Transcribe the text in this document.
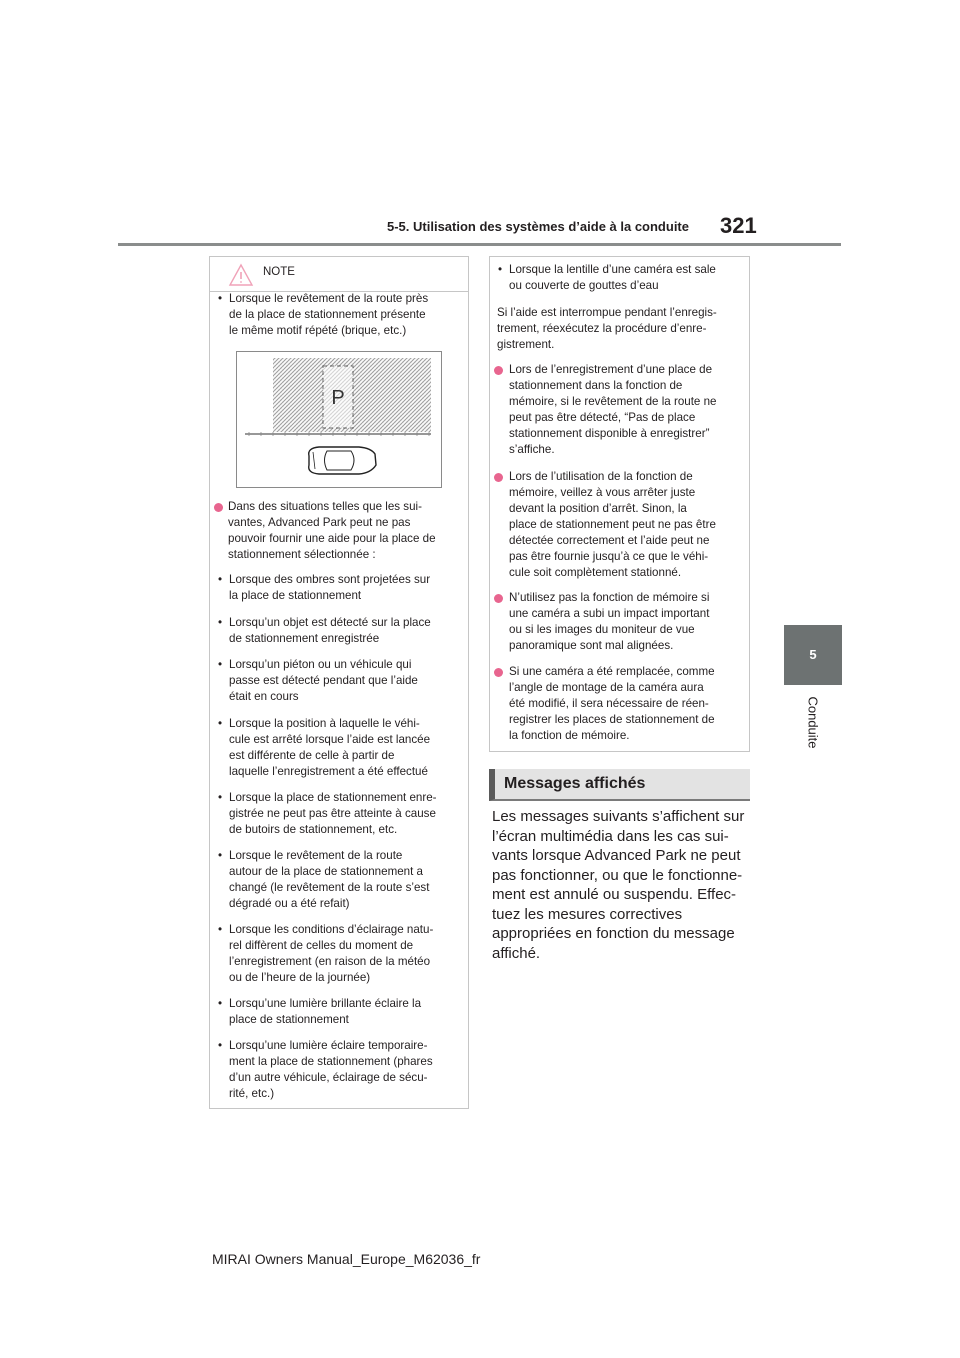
5-5. Utilisation des systèmes d’aide à la conduite 321
5
Conduite
NOTE
• Lorsque le revêtement de la route près
de la place de stationnement présente
le même motif répété (brique, etc.)
P
Dans des situations telles que les sui-
vantes, Advanced Park peut ne pas
pouvoir fournir une aide pour la place de
stationnement sélectionnée :
• Lorsque des ombres sont projetées sur
la place de stationnement
• Lorsqu’un objet est détecté sur la place
de stationnement enregistrée
• Lorsqu’un piéton ou un véhicule qui
passe est détecté pendant que l’aide
était en cours
• Lorsque la position à laquelle le véhi-
cule est arrêté lorsque l’aide est lancée
est différente de celle à partir de
laquelle l’enregistrement a été effectué
• Lorsque la place de stationnement enre-
gistrée ne peut pas être atteinte à cause
de butoirs de stationnement, etc.
• Lorsque le revêtement de la route
autour de la place de stationnement a
changé (le revêtement de la route s’est
dégradé ou a été refait)
• Lorsque les conditions d’éclairage natu-
rel diffèrent de celles du moment de
l’enregistrement (en raison de la météo
ou de l’heure de la journée)
• Lorsqu’une lumière brillante éclaire la
place de stationnement
• Lorsqu’une lumière éclaire temporaire-
ment la place de stationnement (phares
d’un autre véhicule, éclairage de sécu-
rité, etc.)
• Lorsque la lentille d’une caméra est sale
ou couverte de gouttes d’eau
Si l’aide est interrompue pendant l’enregis-
trement, réexécutez la procédure d’enre-
gistrement.
Lors de l’enregistrement d’une place de
stationnement dans la fonction de
mémoire, si le revêtement de la route ne
peut pas être détecté, “Pas de place
stationnement disponible à enregistrer”
s’affiche.
Lors de l’utilisation de la fonction de
mémoire, veillez à vous arrêter juste
devant la position d’arrêt. Sinon, la
place de stationnement peut ne pas être
détectée correctement et l’aide peut ne
pas être fournie jusqu’à ce que le véhi-
cule soit complètement stationné.
N’utilisez pas la fonction de mémoire si
une caméra a subi un impact important
ou si les images du moniteur de vue
panoramique sont mal alignées.
Si une caméra a été remplacée, comme
l’angle de montage de la caméra aura
été modifié, il sera nécessaire de réen-
registrer les places de stationnement de
la fonction de mémoire.
Messages affichés
Les messages suivants s’affichent sur
l’écran multimédia dans les cas sui-
vants lorsque Advanced Park ne peut
pas fonctionner, ou que le fonctionne-
ment est annulé ou suspendu. Effec-
tuez les mesures correctives
appropriées en fonction du message
affiché.
MIRAI Owners Manual_Europe_M62036_fr
